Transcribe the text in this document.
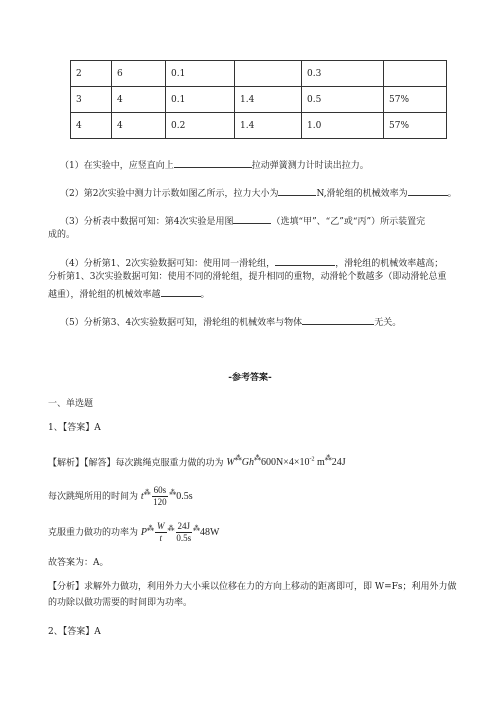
2	6	0.1		0.3	
3	4	0.1	1.4	0.5	57%
4	4	0.2	1.4	1.0	57%
（1）在实验中，应竖直向上	拉动弹簧测力计时读出拉力。
（2）第2次实验中测力计示数如图乙所示，拉力大小为	N,滑轮组的机械效率为	。
（3）分析表中数据可知：第4次实验是用图	（选填“甲”、“乙”或“丙”）所示装置完
成的。
（4）分析第1、2次实验数据可知：使用同一滑轮组，	，滑轮组的机械效率越高；
分析第1、3次实验数据可知：使用不同的滑轮组，提升相同的重物，动滑轮个数越多（即动滑轮总重
越重），滑轮组的机械效率越	。
（5）分析第3、4次实验数据可知，滑轮组的机械效率与物体	无关。
-参考答案-
一、单选题
1、【答案】A
【解析】【解答】每次跳绳克服重力做的功为 $W^⁂Gh^⁂600N\times 4\times 10^{-2}$ m⁂24J
每次跳绳所用的时间为 $t^⁂ \frac{60s}{120} ^⁂0.5s$
克服重力做功的功率为 $P^⁂ \frac{W}{t} ^⁂ \frac{24J}{0.5s} ^⁂48W$
故答案为：A。
【分析】求解外力做功，利用外力大小乘以位移在力的方向上移动的距离即可，即 W=Fs；利用外力做
的功除以做功需要的时间即为功率。
2、【答案】A
